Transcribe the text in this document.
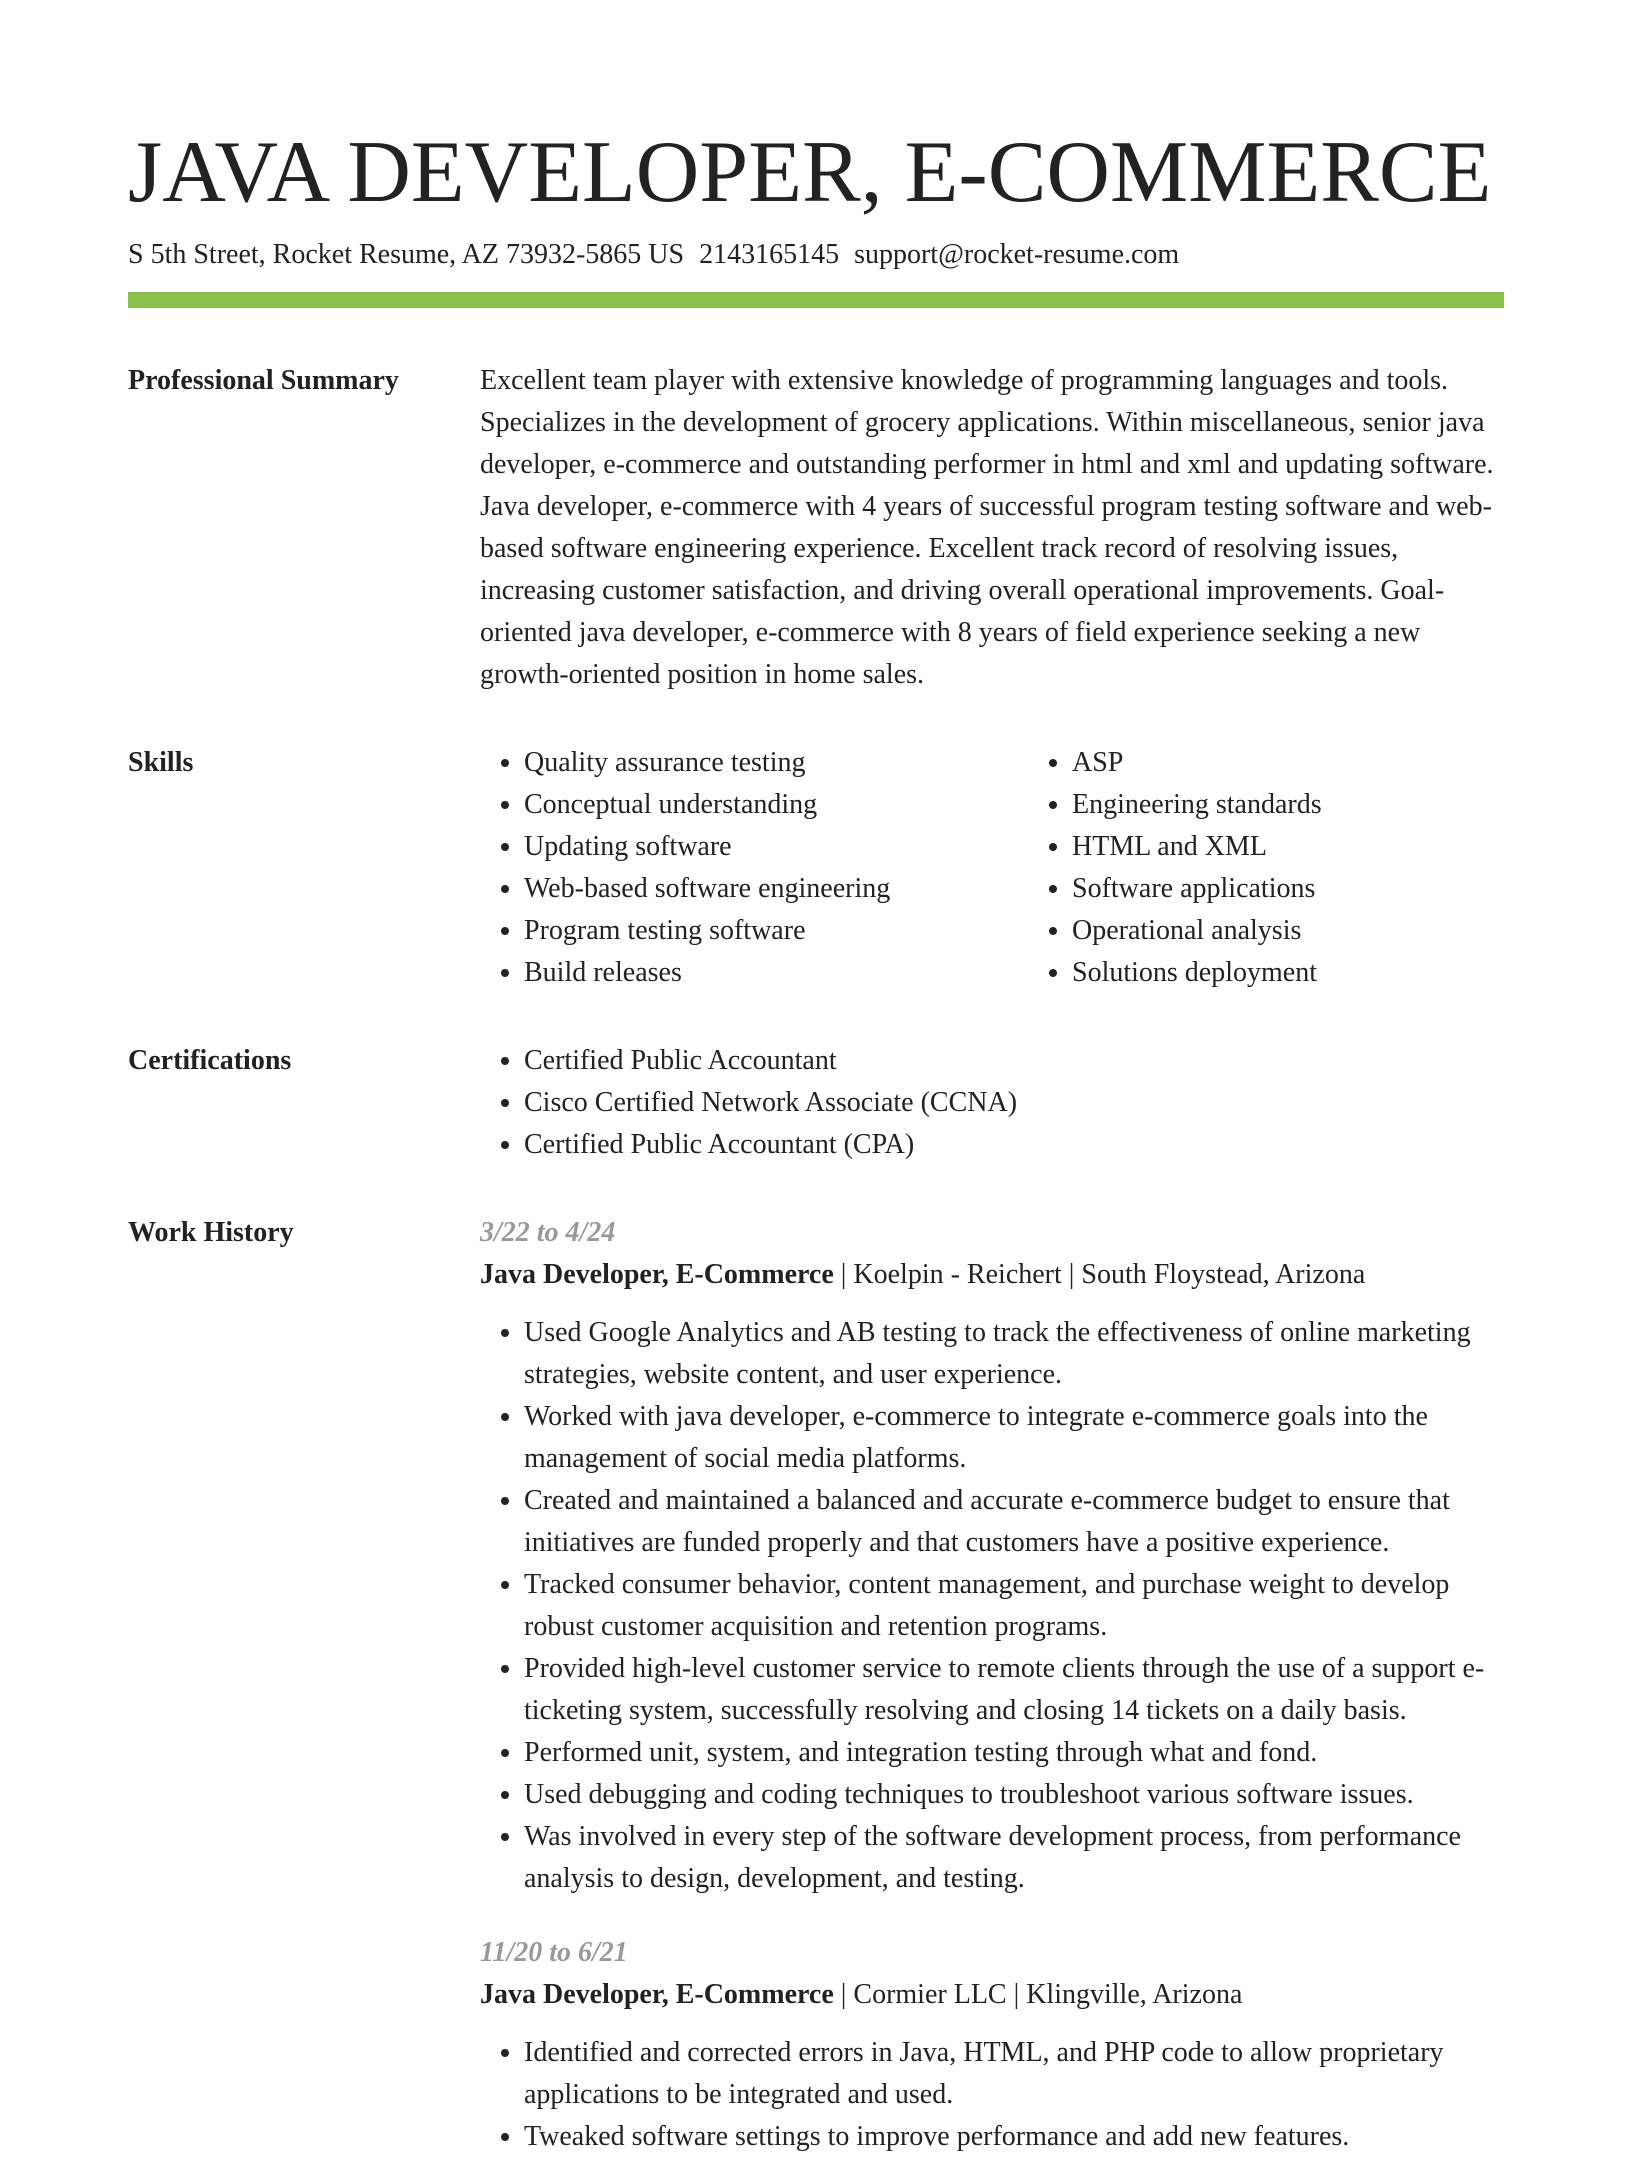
JAVA DEVELOPER, E-COMMERCE
S 5th Street, Rocket Resume, AZ 73932-5865 US 2143165145 support@rocket-resume.com
Professional Summary	Excellent team player with extensive knowledge of programming languages and tools. Specializes in the development of grocery applications. Within miscellaneous, senior java developer, e-commerce and outstanding performer in html and xml and updating software. Java developer, e-commerce with 4 years of successful program testing software and web-based software engineering experience. Excellent track record of resolving issues, increasing customer satisfaction, and driving overall operational improvements. Goal-oriented java developer, e-commerce with 8 years of field experience seeking a new growth-oriented position in home sales.

Skills	• Quality assurance testing
• Conceptual understanding
• Updating software
• Web-based software engineering
• Program testing software
• Build releases
• ASP
• Engineering standards
• HTML and XML
• Software applications
• Operational analysis
• Solutions deployment
Certifications	• Certified Public Accountant
• Cisco Certified Network Associate (CCNA)
• Certified Public Accountant (CPA)
Work History	3/22 to 4/24
Java Developer, E-Commerce | Koelpin - Reichert | South Floystead, Arizona
• Used Google Analytics and AB testing to track the effectiveness of online marketing strategies, website content, and user experience.
• Worked with java developer, e-commerce to integrate e-commerce goals into the management of social media platforms.
• Created and maintained a balanced and accurate e-commerce budget to ensure that initiatives are funded properly and that customers have a positive experience.
• Tracked consumer behavior, content management, and purchase weight to develop robust customer acquisition and retention programs.
• Provided high-level customer service to remote clients through the use of a support e-ticketing system, successfully resolving and closing 14 tickets on a daily basis.
• Performed unit, system, and integration testing through what and fond.
• Used debugging and coding techniques to troubleshoot various software issues.
• Was involved in every step of the software development process, from performance analysis to design, development, and testing.
11/20 to 6/21
Java Developer, E-Commerce | Cormier LLC | Klingville, Arizona
• Identified and corrected errors in Java, HTML, and PHP code to allow proprietary applications to be integrated and used.
• Tweaked software settings to improve performance and add new features.
